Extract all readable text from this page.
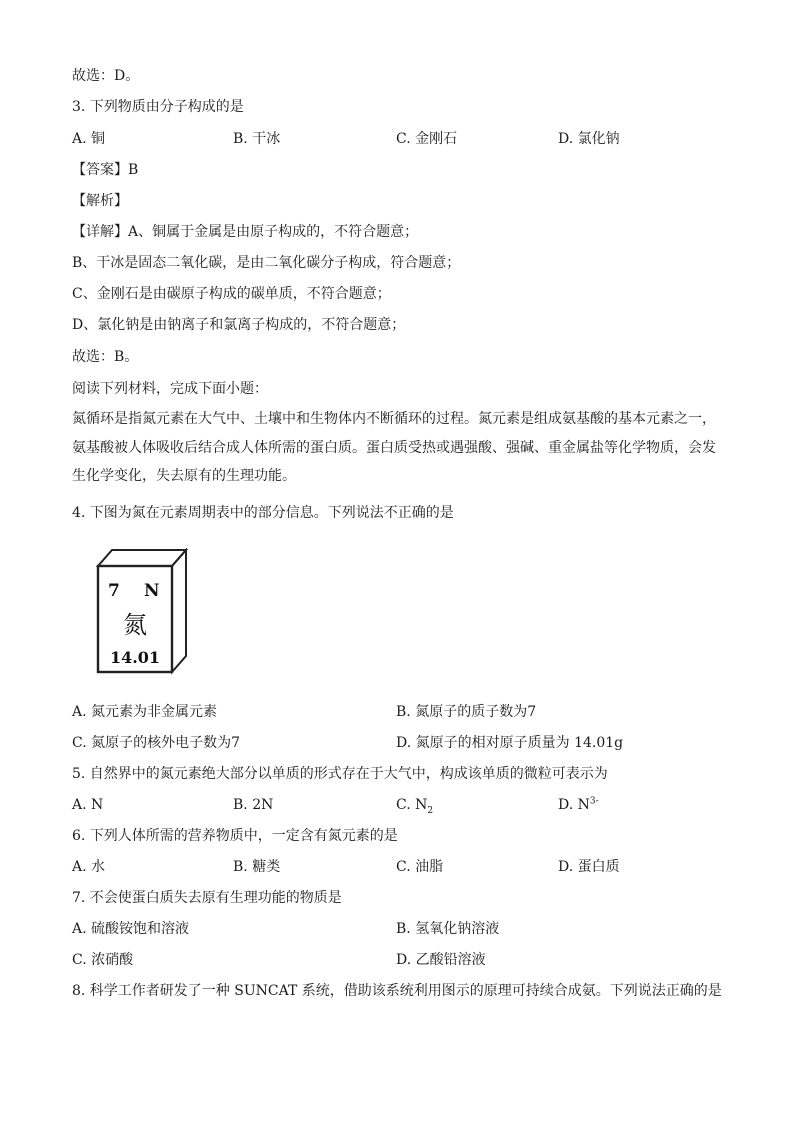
故选：D。
3. 下列物质由分子构成的是
A. 铜	B. 干冰	C. 金刚石	D. 氯化钠
【答案】B
【解析】
【详解】A、铜属于金属是由原子构成的，不符合题意；
B、干冰是固态二氧化碳，是由二氧化碳分子构成，符合题意；
C、金刚石是由碳原子构成的碳单质，不符合题意；
D、氯化钠是由钠离子和氯离子构成的，不符合题意；
故选：B。
阅读下列材料，完成下面小题：
氮循环是指氮元素在大气中、土壤中和生物体内不断循环的过程。氮元素是组成氨基酸的基本元素之一，氨基酸被人体吸收后结合成人体所需的蛋白质。蛋白质受热或遇强酸、强碱、重金属盐等化学物质，会发生化学变化，失去原有的生理功能。
4. 下图为氮在元素周期表中的部分信息。下列说法不正确的是
7 N
氮
14.01
A. 氮元素为非金属元素	B. 氮原子的质子数为7
C. 氮原子的核外电子数为7	D. 氮原子的相对原子质量为 14.01g
5. 自然界中的氮元素绝大部分以单质的形式存在于大气中，构成该单质的微粒可表示为
A. N	B. 2N	C. $N_2$	D. $N^{3-}$
6. 下列人体所需的营养物质中，一定含有氮元素的是
A. 水	B. 糖类	C. 油脂	D. 蛋白质
7. 不会使蛋白质失去原有生理功能的物质是
A. 硫酸铵饱和溶液	B. 氢氧化钠溶液
C. 浓硝酸	D. 乙酸铅溶液
8. 科学工作者研发了一种 SUNCAT 系统，借助该系统利用图示的原理可持续合成氨。下列说法正确的是
